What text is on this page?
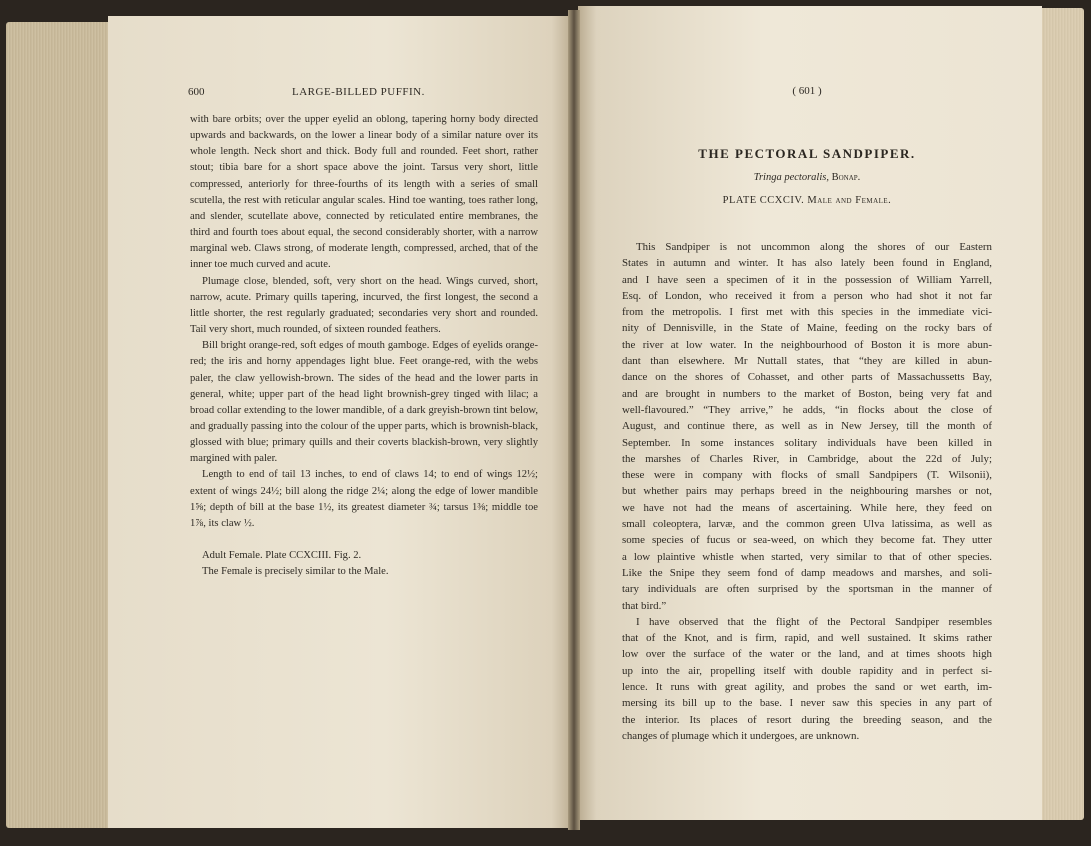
600	LARGE-BILLED PUFFIN.

with bare orbits; over the upper eyelid an oblong, tapering horny body directed upwards and backwards, on the lower a linear body of a similar nature over its whole length. Neck short and thick. Body full and rounded. Feet short, rather stout; tibia bare for a short space above the joint. Tarsus very short, little compressed, anteriorly for three-fourths of its length with a series of small scutella, the rest with reticular angular scales. Hind toe wanting, toes rather long, and slender, scutellate above, connected by reticulated entire membranes, the third and fourth toes about equal, the second considerably shorter, with a narrow marginal web. Claws strong, of moderate length, compressed, arched, that of the inner toe much curved and acute.

Plumage close, blended, soft, very short on the head. Wings curved, short, narrow, acute. Primary quills tapering, incurved, the first longest, the second a little shorter, the rest regularly graduated; secondaries very short and rounded. Tail very short, much rounded, of sixteen rounded feathers.

Bill bright orange-red, soft edges of mouth gamboge. Edges of eyelids orange-red; the iris and horny appendages light blue. Feet orange-red, with the webs paler, the claw yellowish-brown. The sides of the head and the lower parts in general, white; upper part of the head light brownish-grey tinged with lilac; a broad collar extending to the lower mandible, of a dark greyish-brown tint below, and gradually passing into the colour of the upper parts, which is brownish-black, glossed with blue; primary quills and their coverts blackish-brown, very slightly margined with paler.

Length to end of tail 13 inches, to end of claws 14; to end of wings 12½; extent of wings 24½; bill along the ridge 2¼; along the edge of lower mandible 1⅝; depth of bill at the base 1½, its greatest diameter ¾; tarsus 1⅜; middle toe 1⅞, its claw ½.

Adult Female. Plate CCXCIII. Fig. 2.

The Female is precisely similar to the Male.

( 601 )
THE PECTORAL SANDPIPER.
Tringa pectoralis, Bonap.
PLATE CCXCIV. Male and Female.
This Sandpiper is not uncommon along the shores of our Eastern
States in autumn and winter. It has also lately been found in England,
and I have seen a specimen of it in the possession of William Yarrell,
Esq. of London, who received it from a person who had shot it not far
from the metropolis. I first met with this species in the immediate vici-
nity of Dennisville, in the State of Maine, feeding on the rocky bars of
the river at low water. In the neighbourhood of Boston it is more abun-
dant than elsewhere. Mr Nuttall states, that “they are killed in abun-
dance on the shores of Cohasset, and other parts of Massachussetts Bay,
and are brought in numbers to the market of Boston, being very fat and
well-flavoured.” “They arrive,” he adds, “in flocks about the close of
August, and continue there, as well as in New Jersey, till the month of
September. In some instances solitary individuals have been killed in
the marshes of Charles River, in Cambridge, about the 22d of July;
these were in company with flocks of small Sandpipers (T. Wilsonii),
but whether pairs may perhaps breed in the neighbouring marshes or not,
we have not had the means of ascertaining. While here, they feed on
small coleoptera, larvæ, and the common green Ulva latissima, as well as
some species of fucus or sea-weed, on which they become fat. They utter
a low plaintive whistle when started, very similar to that of other species.
Like the Snipe they seem fond of damp meadows and marshes, and soli-
tary individuals are often surprised by the sportsman in the manner of
that bird.”
I have observed that the flight of the Pectoral Sandpiper resembles
that of the Knot, and is firm, rapid, and well sustained. It skims rather
low over the surface of the water or the land, and at times shoots high
up into the air, propelling itself with double rapidity and in perfect si-
lence. It runs with great agility, and probes the sand or wet earth, im-
mersing its bill up to the base. I never saw this species in any part of
the interior. Its places of resort during the breeding season, and the
changes of plumage which it undergoes, are unknown.
